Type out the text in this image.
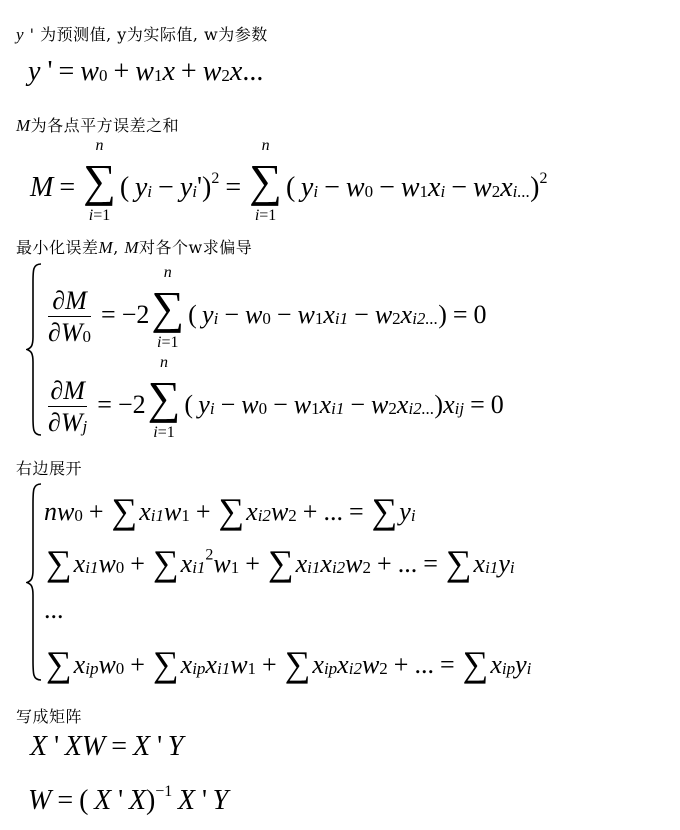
y ' 为预测值, y为实际值, w为参数
y ' = $w_0 + w_1x + w_2x$...
M为各点平方误差之和
M =
n
∑
i=1
( $y_i - y_i')^2$ =
n
∑
i=1
( $y_i - w_0 - w_1x_i - w_2x_{i...})^2$
最小化误差M, M对各个w求偏导
$\frac{\partial M}{\partial W_0} = -2$
n
∑
i=1
( $y_i - w_0 - w_1x_{i1} - w_2x_{i2...}) = 0$
$\frac{\partial M}{\partial W_j} = -2$
n
∑
i=1
( $y_i - w_0 - w_1x_{i1} - w_2x_{i2...})x_{ij} = 0$
右边展开
$nw_0 + \sum x_{i1}w_1 + \sum x_{i2}w_2$ + ... = $\sum y_i$
$\sum x_{i1}w_0 + \sum x_{i1}^2w_1 + \sum x_{i1}x_{i2}w_2$ + ... = $\sum x_{i1}y_i$
...
$\sum x_{ip}w_0 + \sum x_{ip}x_{i1}w_1 + \sum x_{ip}x_{i2}w_2$ + ... = $\sum x_{ip}y_i$
写成矩阵
X ' XW = X ' Y
W = ( X ' X)$^{-1}$  X ' Y
